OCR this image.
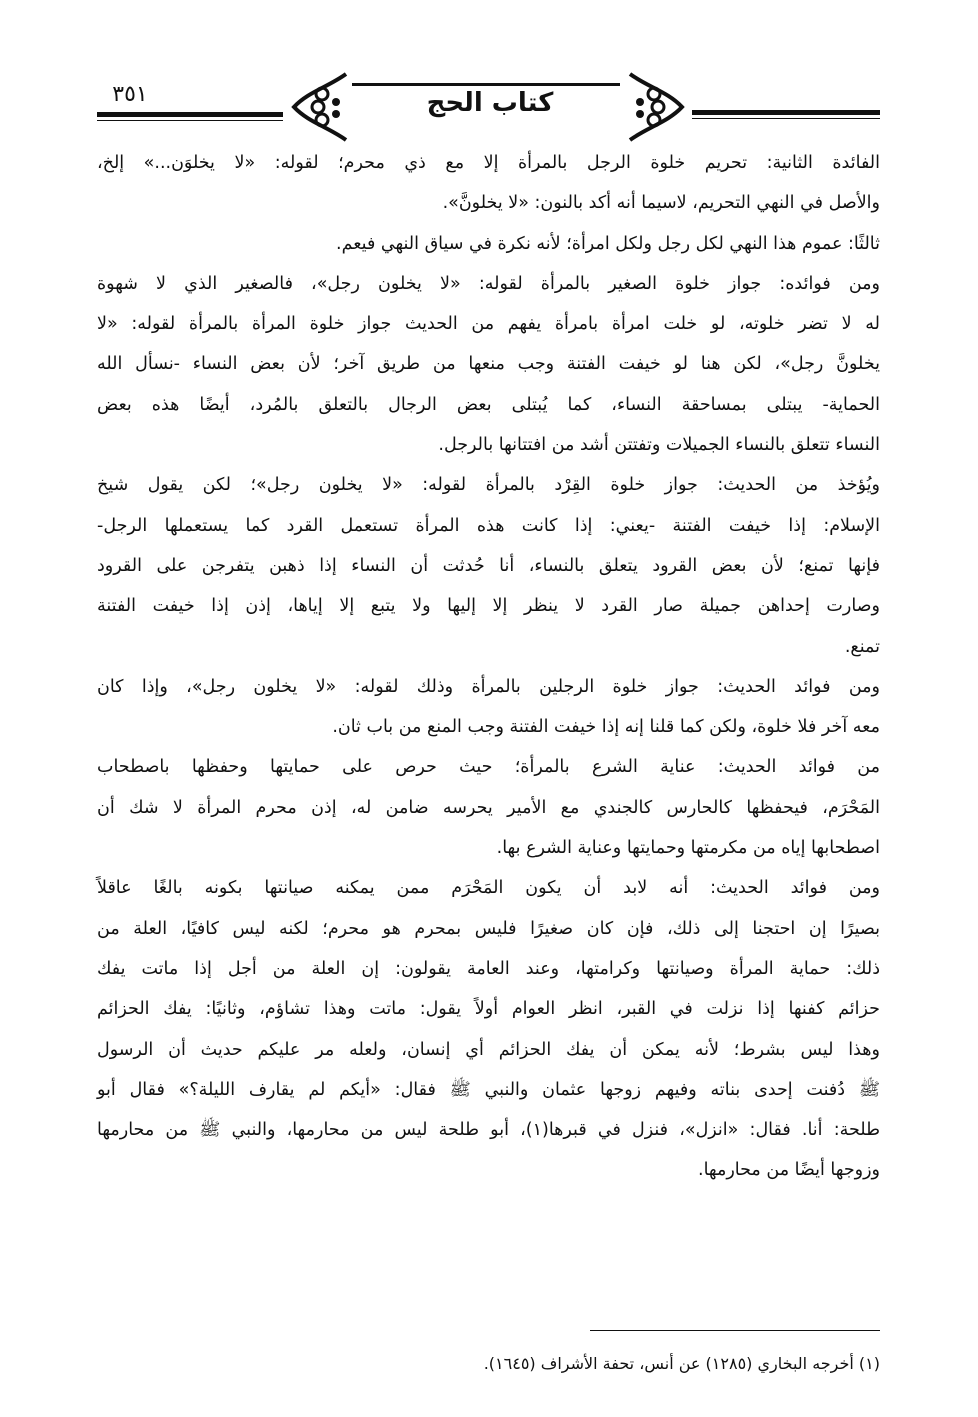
٣٥١	كتاب الحج
الفائدة الثانية: تحريم خلوة الرجل بالمرأة إلا مع ذي محرم؛ لقوله: «لا يخلوَن...» إلخ،
والأصل في النهي التحريم، لاسيما أنه أكد بالنون: «لا يخلونَّ».
ثالثًا: عموم هذا النهي لكل رجل ولكل امرأة؛ لأنه نكرة في سياق النهي فيعم.
ومن فوائده: جواز خلوة الصغير بالمرأة لقوله: «لا يخلون رجل»، فالصغير الذي لا شهوة
له لا تضر خلوته، لو خلت امرأة بامرأة يفهم من الحديث جواز خلوة المرأة بالمرأة لقوله: «لا
يخلونَّ رجل»، لكن هنا لو خيفت الفتنة وجب منعها من طريق آخر؛ لأن بعض النساء -نسأل الله
الحماية- يبتلى بمساحقة النساء، كما يُبتلى بعض الرجال بالتعلق بالمُرد، أيضًا هذه بعض
النساء تتعلق بالنساء الجميلات وتفتتن أشد من افتتانها بالرجل.
ويُؤخذ من الحديث: جواز خلوة القِرْد بالمرأة لقوله: «لا يخلون رجل»؛ لكن يقول شيخ
الإسلام: إذا خيفت الفتنة -يعني: إذا كانت هذه المرأة تستعمل القرد كما يستعملها الرجل-
فإنها تمنع؛ لأن بعض القرود يتعلق بالنساء، أنا حُدثت أن النساء إذا ذهبن يتفرجن على القرود
وصارت إحداهن جميلة صار القرد لا ينظر إلا إليها ولا يتبع إلا إياها، إذن إذا خيفت الفتنة
تمنع.
ومن فوائد الحديث: جواز خلوة الرجلين بالمرأة وذلك لقوله: «لا يخلون رجل»، وإذا كان
معه آخر فلا خلوة، ولكن كما قلنا إنه إذا خيفت الفتنة وجب المنع من باب ثان.
من فوائد الحديث: عناية الشرع بالمرأة؛ حيث حرص على حمايتها وحفظها باصطحاب
المَحْرَم، فيحفظها كالحارس كالجندي مع الأمير يحرسه ضامن له، إذن محرم المرأة لا شك أن
اصطحابها إياه من مكرمتها وحمايتها وعناية الشرع بها.
ومن فوائد الحديث: أنه لابد أن يكون المَحْرَم ممن يمكنه صيانتها بكونه بالغًا عاقلاً
بصيرًا إن احتجنا إلى ذلك، فإن كان صغيرًا فليس بمحرم هو محرم؛ لكنه ليس كافيًا، العلة من
ذلك: حماية المرأة وصيانتها وكرامتها، وعند العامة يقولون: إن العلة من أجل إذا ماتت يفك
حزائم كفنها إذا نزلت في القبر، انظر العوام أولاً يقول: ماتت وهذا تشاؤم، وثانيًا: يفك الحزائم
وهذا ليس بشرط؛ لأنه يمكن أن يفك الحزائم أي إنسان، ولعله مر عليكم حديث أن الرسول
ﷺ دُفنت إحدى بناته وفيهم زوجها عثمان والنبي ﷺ فقال: «أيكم لم يقارف الليلة؟» فقال أبو
طلحة: أنا. فقال: «انزل»، فنزل في قبرها(١)، أبو طلحة ليس من محارمها، والنبي ﷺ من محارمها
وزوجها أيضًا من محارمها.
(١) أخرجه البخاري (١٢٨٥) عن أنس، تحفة الأشراف (١٦٤٥).
